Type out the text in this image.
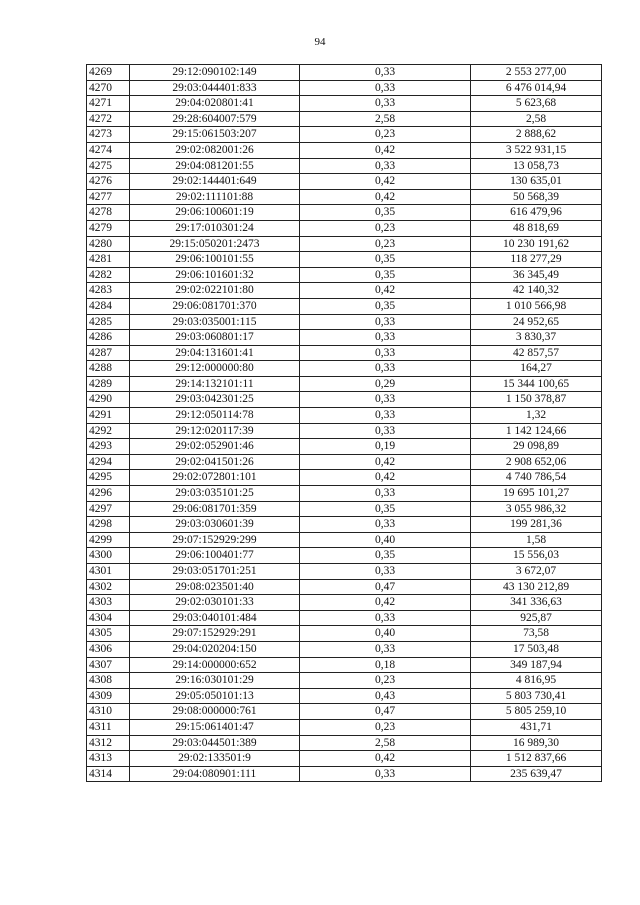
94
4269	29:12:090102:149	0,33	2 553 277,00
4270	29:03:044401:833	0,33	6 476 014,94
4271	29:04:020801:41	0,33	5 623,68
4272	29:28:604007:579	2,58	2,58
4273	29:15:061503:207	0,23	2 888,62
4274	29:02:082001:26	0,42	3 522 931,15
4275	29:04:081201:55	0,33	13 058,73
4276	29:02:144401:649	0,42	130 635,01
4277	29:02:111101:88	0,42	50 568,39
4278	29:06:100601:19	0,35	616 479,96
4279	29:17:010301:24	0,23	48 818,69
4280	29:15:050201:2473	0,23	10 230 191,62
4281	29:06:100101:55	0,35	118 277,29
4282	29:06:101601:32	0,35	36 345,49
4283	29:02:022101:80	0,42	42 140,32
4284	29:06:081701:370	0,35	1 010 566,98
4285	29:03:035001:115	0,33	24 952,65
4286	29:03:060801:17	0,33	3 830,37
4287	29:04:131601:41	0,33	42 857,57
4288	29:12:000000:80	0,33	164,27
4289	29:14:132101:11	0,29	15 344 100,65
4290	29:03:042301:25	0,33	1 150 378,87
4291	29:12:050114:78	0,33	1,32
4292	29:12:020117:39	0,33	1 142 124,66
4293	29:02:052901:46	0,19	29 098,89
4294	29:02:041501:26	0,42	2 908 652,06
4295	29:02:072801:101	0,42	4 740 786,54
4296	29:03:035101:25	0,33	19 695 101,27
4297	29:06:081701:359	0,35	3 055 986,32
4298	29:03:030601:39	0,33	199 281,36
4299	29:07:152929:299	0,40	1,58
4300	29:06:100401:77	0,35	15 556,03
4301	29:03:051701:251	0,33	3 672,07
4302	29:08:023501:40	0,47	43 130 212,89
4303	29:02:030101:33	0,42	341 336,63
4304	29:03:040101:484	0,33	925,87
4305	29:07:152929:291	0,40	73,58
4306	29:04:020204:150	0,33	17 503,48
4307	29:14:000000:652	0,18	349 187,94
4308	29:16:030101:29	0,23	4 816,95
4309	29:05:050101:13	0,43	5 803 730,41
4310	29:08:000000:761	0,47	5 805 259,10
4311	29:15:061401:47	0,23	431,71
4312	29:03:044501:389	2,58	16 989,30
4313	29:02:133501:9	0,42	1 512 837,66
4314	29:04:080901:111	0,33	235 639,47
